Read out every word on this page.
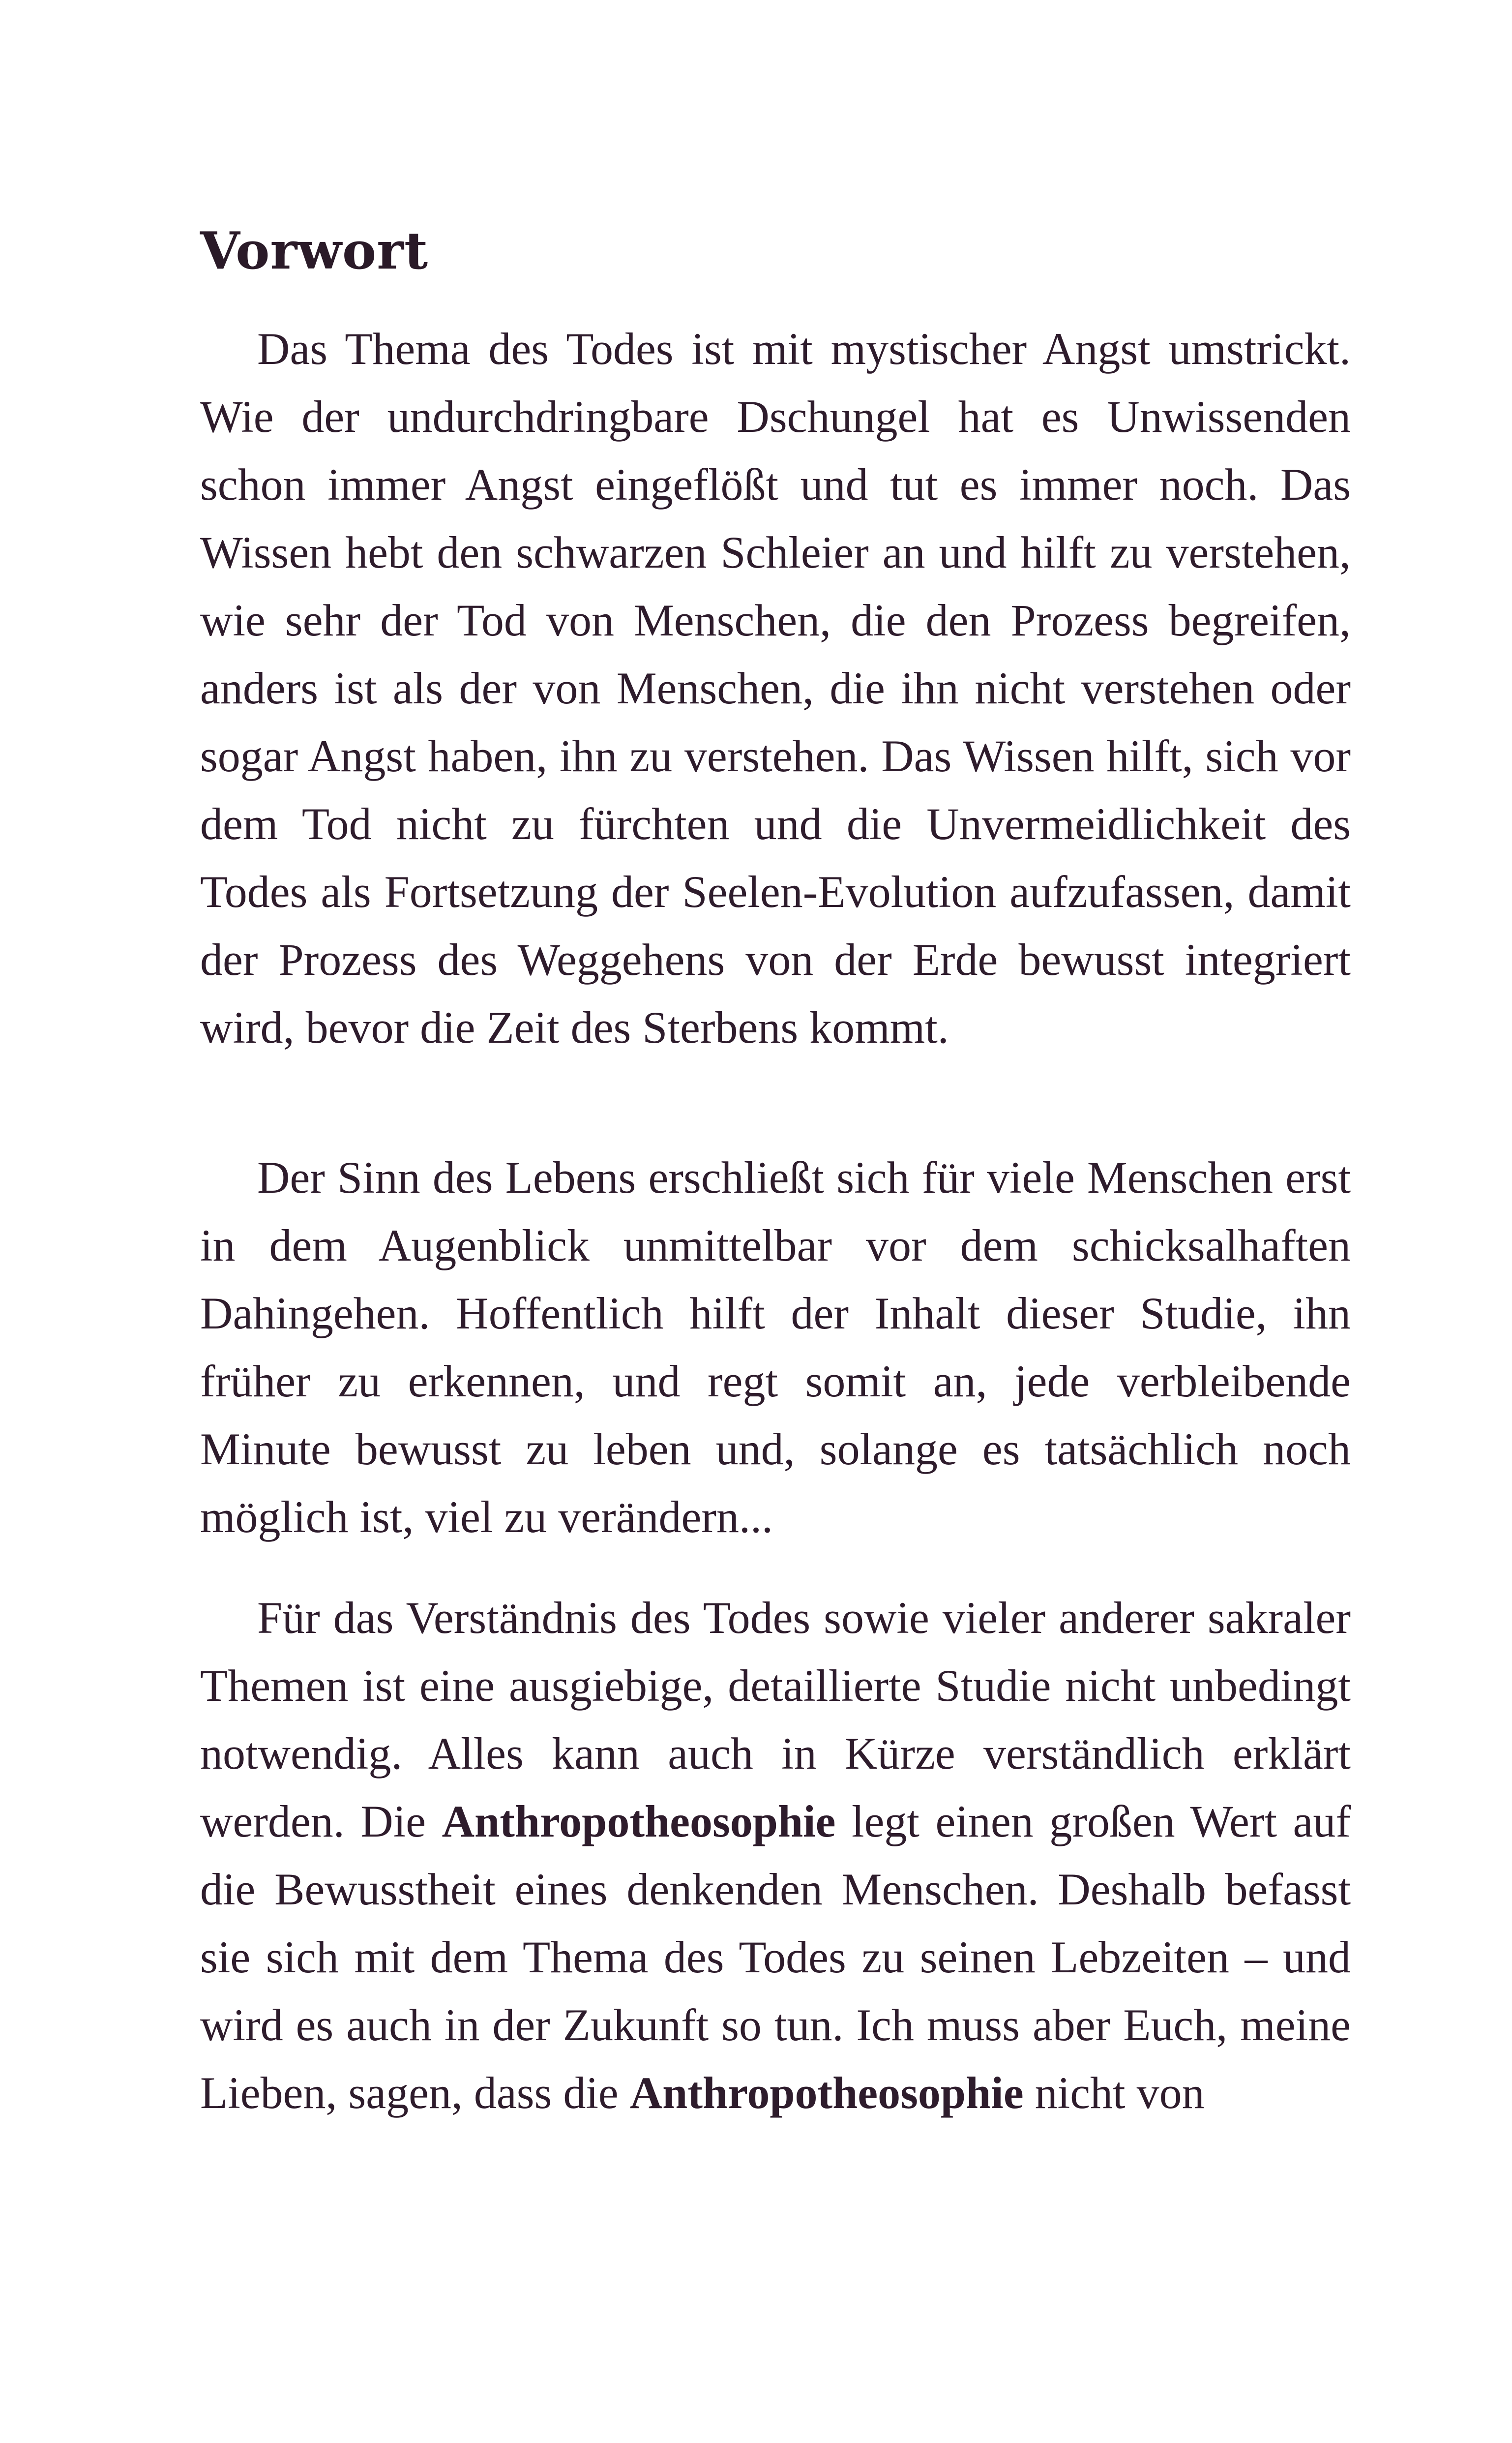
Vorwort

Das Thema des Todes ist mit mystischer Angst umstrickt. Wie der undurchdringbare Dschungel hat es Unwissenden schon immer Angst eingeflößt und tut es immer noch. Das Wissen hebt den schwarzen Schleier an und hilft zu verstehen, wie sehr der Tod von Menschen, die den Prozess begreifen, anders ist als der von Menschen, die ihn nicht verstehen oder sogar Angst haben, ihn zu verstehen. Das Wissen hilft, sich vor dem Tod nicht zu fürchten und die Unvermeidlichkeit des Todes als Fortsetzung der Seelen-Evolution aufzufassen, damit der Prozess des Weggehens von der Erde bewusst integriert wird, bevor die Zeit des Sterbens kommt.

Der Sinn des Lebens erschließt sich für viele Menschen erst in dem Augenblick unmittelbar vor dem schicksalhaften Dahingehen. Hoffentlich hilft der Inhalt dieser Studie, ihn früher zu erkennen, und regt somit an, jede verbleibende Minute bewusst zu leben und, solange es tatsächlich noch möglich ist, viel zu verändern...

Für das Verständnis des Todes sowie vieler anderer sakraler Themen ist eine ausgiebige, detaillierte Studie nicht unbedingt notwendig. Alles kann auch in Kürze verständlich erklärt werden. Die Anthropotheosophie legt einen großen Wert auf die Bewusstheit eines denkenden Menschen. Deshalb befasst sie sich mit dem Thema des Todes zu seinen Lebzeiten – und wird es auch in der Zukunft so tun. Ich muss aber Euch, meine Lieben, sagen, dass die Anthropotheosophie nicht von
